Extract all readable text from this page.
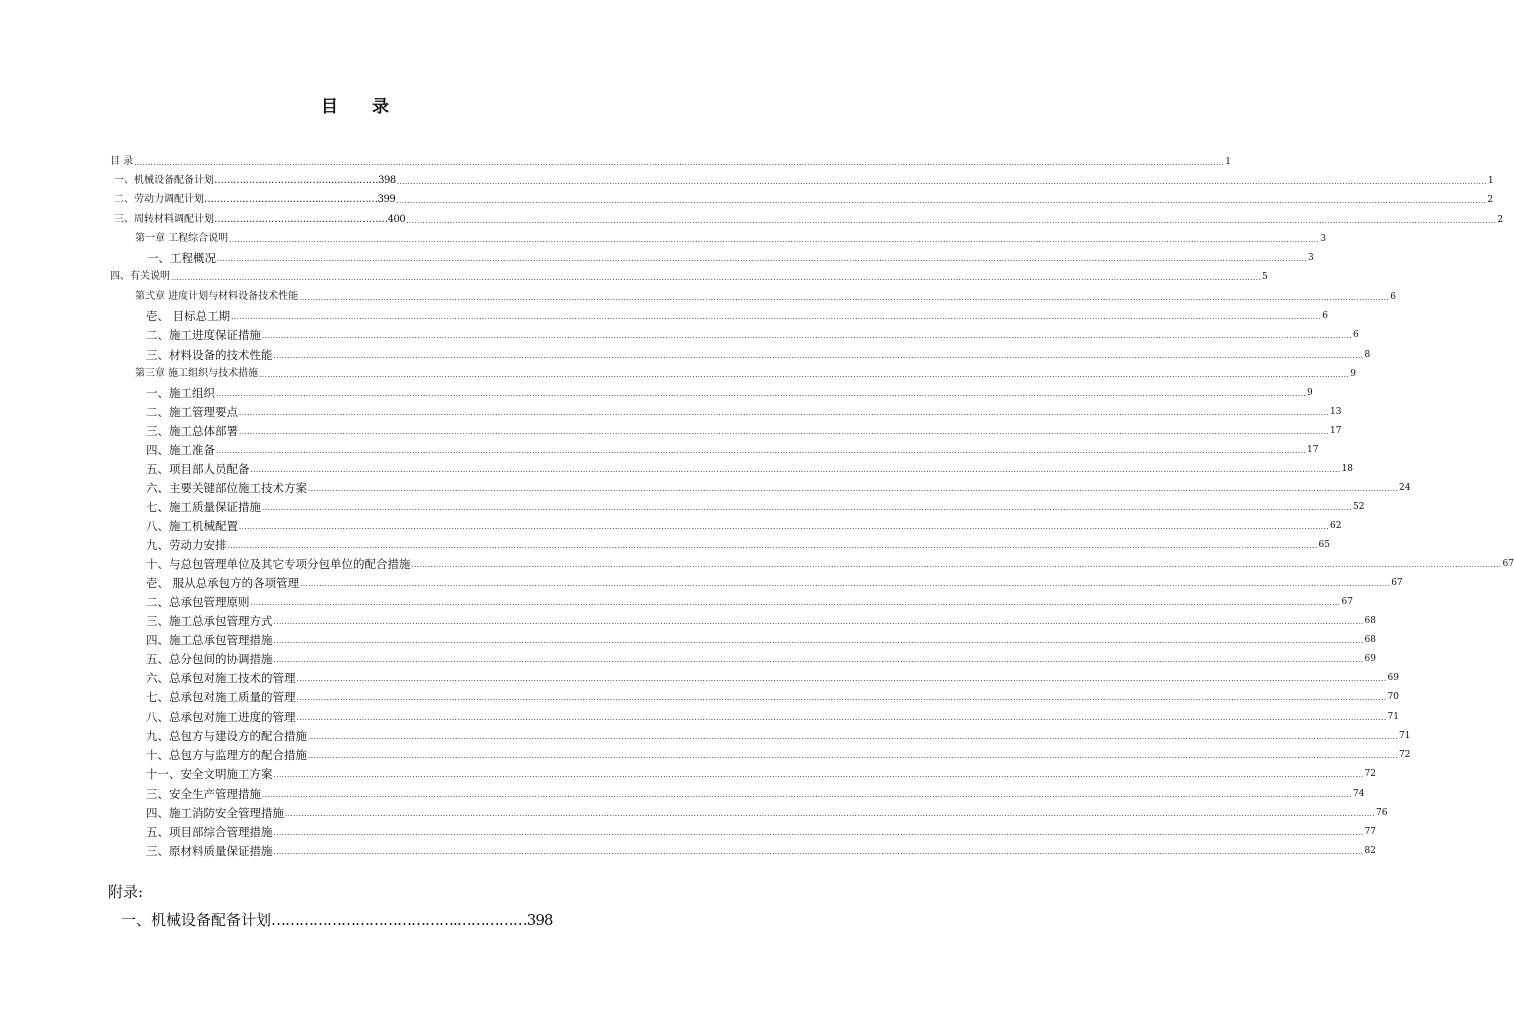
目 录
目 录 ................................................................................................................................................................................................................................................................................................................................................................................................................ 1
一、机械设备配备计划 ……………………………… .……………398 ................................................................................................................................................................................................................................................................................................................................................................................................................ 1
二、劳动力调配计划 ……………………………… .………………399 ................................................................................................................................................................................................................................................................................................................................................................................................................ 2
三、周转材料调配计划 ……………………………… .………………400 ................................................................................................................................................................................................................................................................................................................................................................................................................ 2
第一章 工程综合说明 ................................................................................................................................................................................................................................................................................................................................................................................................................ 3
一、工程概况 ................................................................................................................................................................................................................................................................................................................................................................................................................ 3
四、有关说明 ................................................................................................................................................................................................................................................................................................................................................................................................................ 5
第弍章 进度计划与材料设备技术性能 ................................................................................................................................................................................................................................................................................................................................................................................................................ 6
壱、 目标总工期 ................................................................................................................................................................................................................................................................................................................................................................................................................ 6
二、施工进度保证措施 ................................................................................................................................................................................................................................................................................................................................................................................................................ 6
三、材料设备的技术性能 ................................................................................................................................................................................................................................................................................................................................................................................................................ 8
第三章 施工组织与技术措施 ................................................................................................................................................................................................................................................................................................................................................................................................................ 9
一、施工组织 ................................................................................................................................................................................................................................................................................................................................................................................................................ 9
二、施工管理要点 ................................................................................................................................................................................................................................................................................................................................................................................................................ 13
三、施工总体部署 ................................................................................................................................................................................................................................................................................................................................................................................................................ 17
四、施工准备 ................................................................................................................................................................................................................................................................................................................................................................................................................ 17
五、项目部人员配备 ................................................................................................................................................................................................................................................................................................................................................................................................................ 18
六、主要关键部位施工技术方案 ................................................................................................................................................................................................................................................................................................................................................................................................................ 24
七、施工质量保证措施 ................................................................................................................................................................................................................................................................................................................................................................................................................ 52
八、施工机械配置 ................................................................................................................................................................................................................................................................................................................................................................................................................ 62
九、劳动力安排 ................................................................................................................................................................................................................................................................................................................................................................................................................ 65
十、与总包管理单位及其它专项分包单位的配合措施 ................................................................................................................................................................................................................................................................................................................................................................................................................ 67
壱、 服从总承包方的各项管理 ................................................................................................................................................................................................................................................................................................................................................................................................................ 67
二、总承包管理原则 ................................................................................................................................................................................................................................................................................................................................................................................................................ 67
三、施工总承包管理方式 ................................................................................................................................................................................................................................................................................................................................................................................................................ 68
四、施工总承包管理措施 ................................................................................................................................................................................................................................................................................................................................................................................................................ 68
五、总分包间的协调措施 ................................................................................................................................................................................................................................................................................................................................................................................................................ 69
六、总承包对施工技术的管理 ................................................................................................................................................................................................................................................................................................................................................................................................................ 69
七、总承包对施工质量的管理 ................................................................................................................................................................................................................................................................................................................................................................................................................ 70
八、总承包对施工进度的管理 ................................................................................................................................................................................................................................................................................................................................................................................................................ 71
九、总包方与建设方的配合措施 ................................................................................................................................................................................................................................................................................................................................................................................................................ 71
十、总包方与监理方的配合措施 ................................................................................................................................................................................................................................................................................................................................................................................................................ 72
十一、安全文明施工方案 ................................................................................................................................................................................................................................................................................................................................................................................................................ 72
三、安全生产管理措施 ................................................................................................................................................................................................................................................................................................................................................................................................................ 74
四、施工消防安全管理措施 ................................................................................................................................................................................................................................................................................................................................................................................................................ 76
五、项目部综合管理措施 ................................................................................................................................................................................................................................................................................................................................................................................................................ 77
三、原材料质量保证措施 ................................................................................................................................................................................................................................................................................................................................................................................................................ 82
附录:
一、机械设备配备计划………………………………….……………398
